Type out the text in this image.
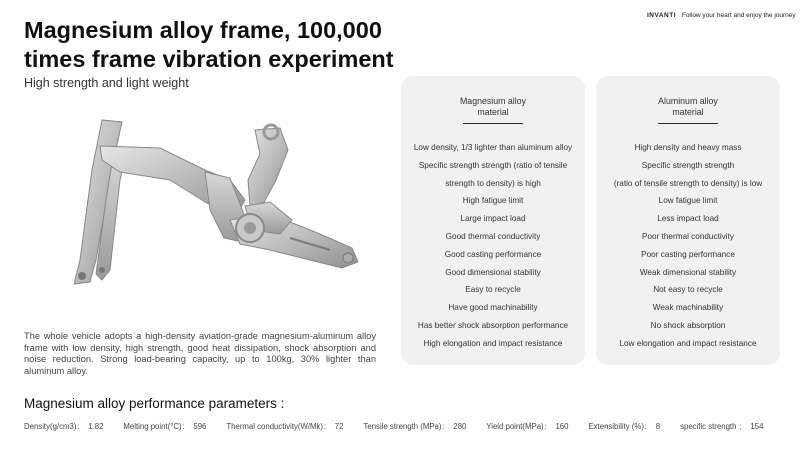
INVANTI Follow your heart and enjoy the journey
Magnesium alloy frame, 100,000 times frame vibration experiment
High strength and light weight

The whole vehicle adopts a high-density aviation-grade magnesium-aluminum alloy frame with low density, high strength, good heat dissipation, shock absorption and noise reduction. Strong load-bearing capacity, up to 100kg, 30% lighter than aluminum alloy.

Magnesium alloy
material
Low density, 1/3 lighter than aluminum alloy
Specific strength strength (ratio of tensile
strength to density) is high
High fatigue limit
Large impact load
Good thermal conductivity
Good casting performance
Good dimensional stability
Easy to recycle
Have good machinability
Has better shock absorption performance
High elongation and impact resistance
Aluminum alloy
material
High density and heavy mass
Specific strength strength
(ratio of tensile strength to density) is low
Low fatigue limit
Less impact load
Poor thermal conductivity
Poor casting performance
Weak dimensional stability
Not easy to recycle
Weak machinability
No shock absorption
Low elongation and impact resistance
Magnesium alloy performance parameters :
Density(g/cm3)： 1.82	Melting point(°C)： 596	Thermal conductivity(W/Mk)： 72	Tensile strength (MPa)： 280	Yield point(MPa)： 160	Extensibility (%)： 8	specific strength ： 154
